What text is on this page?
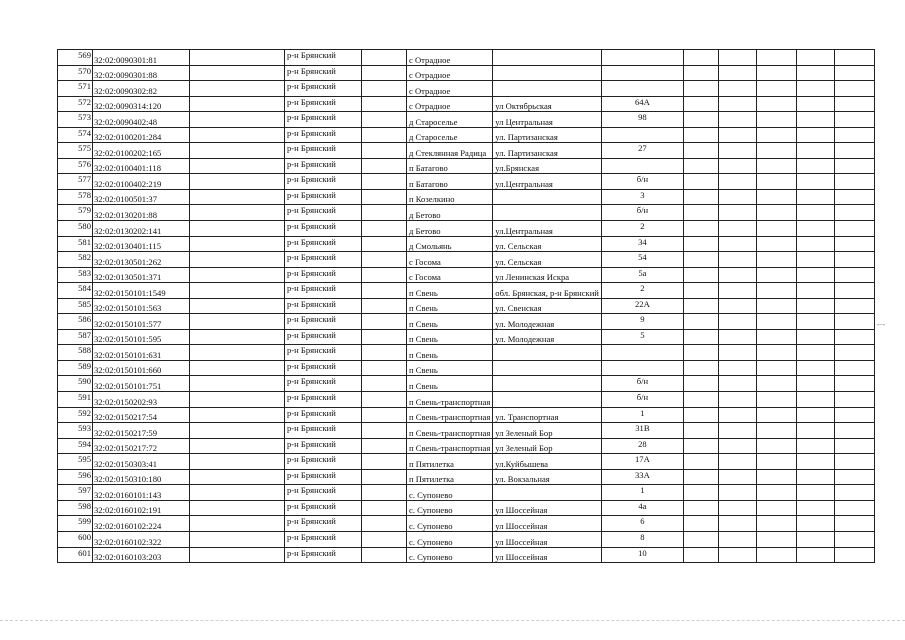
569	32:02:0090301:81		р-н Брянский		с Отрадное							
570	32:02:0090301:88		р-н Брянский		с Отрадное							
571	32:02:0090302:82		р-н Брянский		с Отрадное							
572	32:02:0090314:120		р-н Брянский		с Отрадное	ул Октябрьская	64А					
573	32:02:0090402:48		р-н Брянский		д Староселье	ул Центральная	98					
574	32:02:0100201:284		р-н Брянский		д Староселье	ул. Партизанская						
575	32:02:0100202:165		р-н Брянский		д Стеклянная Радица	ул. Партизанская	27					
576	32:02:0100401:118		р-н Брянский		п Батагово	ул.Брянская						
577	32:02:0100402:219		р-н Брянский		п Батагово	ул.Центральная	б/н					
578	32:02:0100501:37		р-н Брянский		п Козелкино		3					
579	32:02:0130201:88		р-н Брянский		д Бетово		б/н					
580	32:02:0130202:141		р-н Брянский		д Бетово	ул.Центральная	2					
581	32:02:0130401:115		р-н Брянский		д Смольянь	ул. Сельская	34					
582	32:02:0130501:262		р-н Брянский		с Госома	ул. Сельская	54					
583	32:02:0130501:371		р-н Брянский		с Госома	ул Ленинская Искра	5а					
584	32:02:0150101:1549		р-н Брянский		п Свень	обл. Брянская, р-н Брянский	2					
585	32:02:0150101:563		р-н Брянский		п Свень	ул. Свенская	22А					
586	32:02:0150101:577		р-н Брянский		п Свень	ул. Молодежная	9					
587	32:02:0150101:595		р-н Брянский		п Свень	ул. Молодежная	5					
588	32:02:0150101:631		р-н Брянский		п Свень							
589	32:02:0150101:660		р-н Брянский		п Свень							
590	32:02:0150101:751		р-н Брянский		п Свень		б/н					
591	32:02:0150202:93		р-н Брянский		п Свень-транспортная		б/н					
592	32:02:0150217:54		р-н Брянский		п Свень-транспортная	ул. Транспортная	1					
593	32:02:0150217:59		р-н Брянский		п Свень-транспортная	ул Зеленый Бор	31В					
594	32:02:0150217:72		р-н Брянский		п Свень-транспортная	ул Зеленый Бор	28					
595	32:02:0150303:41		р-н Брянский		п Пятилетка	ул.Куйбышева	17А					
596	32:02:0150310:180		р-н Брянский		п Пятилетка	ул. Вокзальная	33А					
597	32:02:0160101:143		р-н Брянский		с. Супонево		1					
598	32:02:0160102:191		р-н Брянский		с. Супонево	ул Шоссейная	4а					
599	32:02:0160102:224		р-н Брянский		с. Супонево	ул Шоссейная	6					
600	32:02:0160102:322		р-н Брянский		с. Супонево	ул Шоссейная	8					
601	32:02:0160103:203		р-н Брянский		с. Супонево	ул Шоссейная	10					
-·-
